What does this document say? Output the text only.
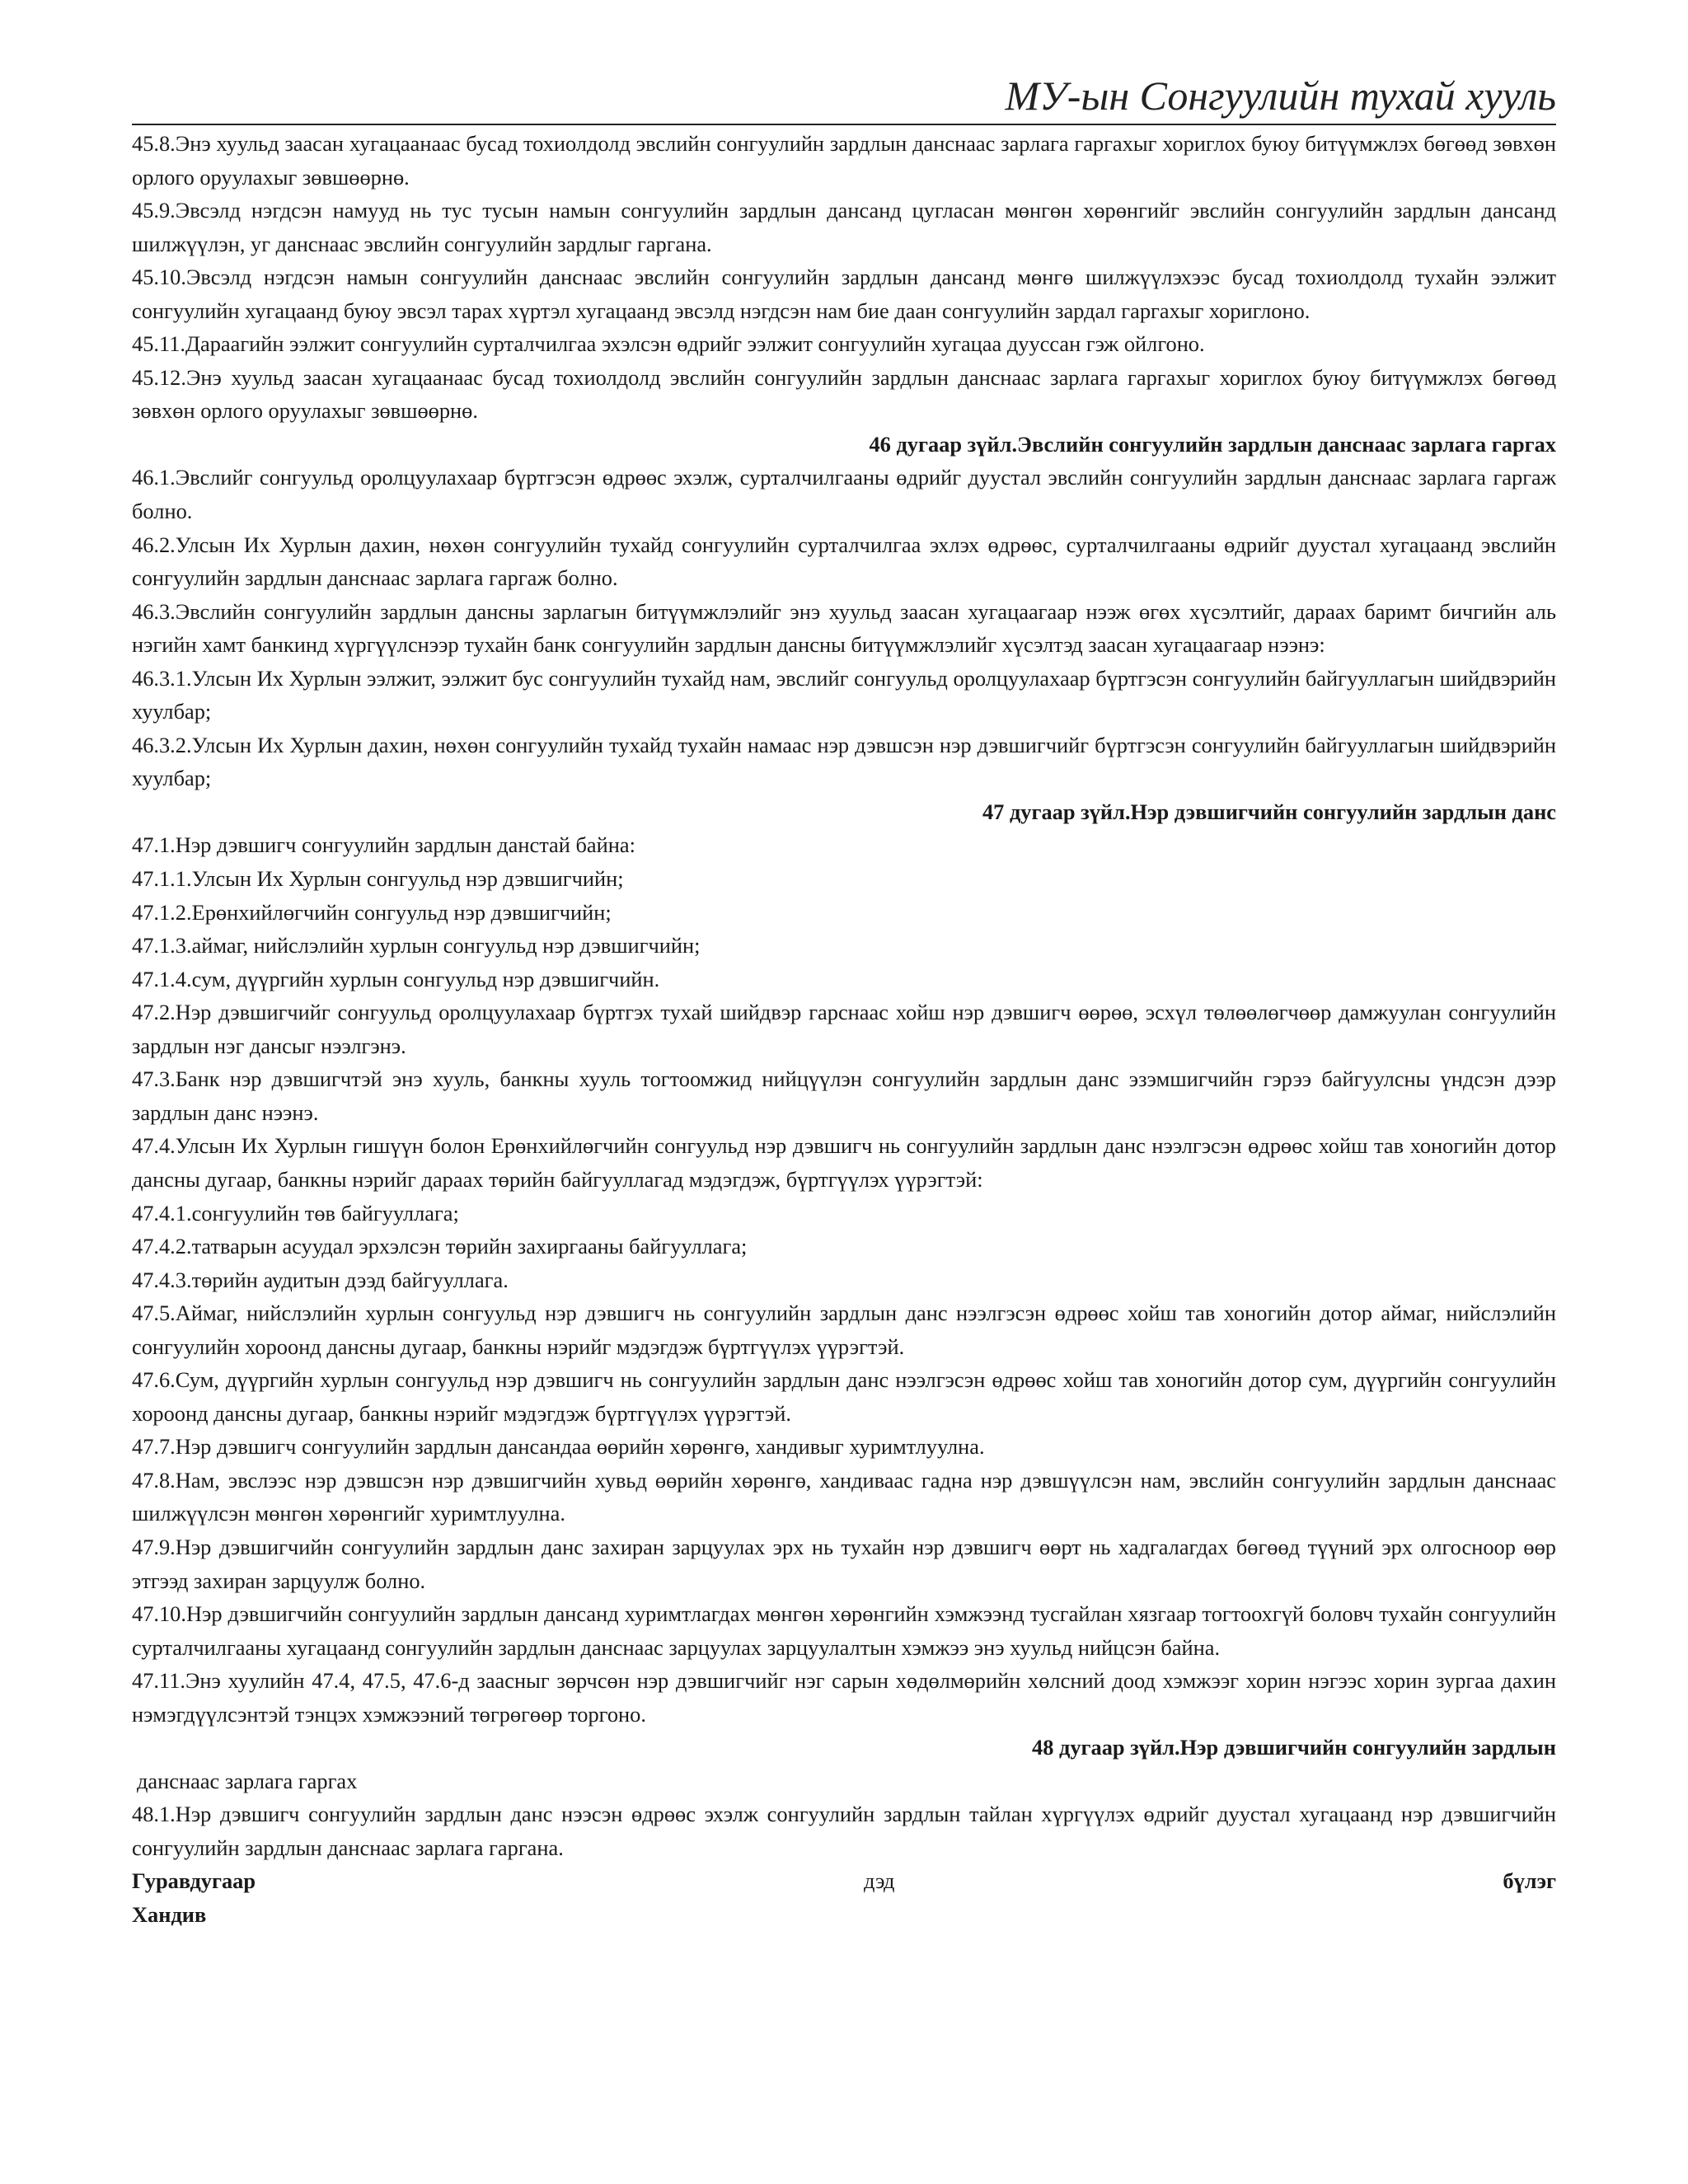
МУ-ын Сонгуулийн тухай хууль

45.8.Энэ хуульд заасан хугацаанаас бусад тохиолдолд эвслийн сонгуулийн зардлын данснаас зарлага гаргахыг хориглох буюу битүүмжлэх бөгөөд зөвхөн орлого оруулахыг зөвшөөрнө.

45.9.Эвсэлд нэгдсэн намууд нь тус тусын намын сонгуулийн зардлын дансанд цугласан мөнгөн хөрөнгийг эвслийн сонгуулийн зардлын дансанд шилжүүлэн, уг данснаас эвслийн сонгуулийн зардлыг гаргана.

45.10.Эвсэлд нэгдсэн намын сонгуулийн данснаас эвслийн сонгуулийн зардлын дансанд мөнгө шилжүүлэхээс бусад тохиолдолд тухайн ээлжит сонгуулийн хугацаанд буюу эвсэл тарах хүртэл хугацаанд эвсэлд нэгдсэн нам бие даан сонгуулийн зардал гаргахыг хориглоно.

45.11.Дараагийн ээлжит сонгуулийн сурталчилгаа эхэлсэн өдрийг ээлжит сонгуулийн хугацаа дууссан гэж ойлгоно.

45.12.Энэ хуульд заасан хугацаанаас бусад тохиолдолд эвслийн сонгуулийн зардлын данснаас зарлага гаргахыг хориглох буюу битүүмжлэх бөгөөд зөвхөн орлого оруулахыг зөвшөөрнө.

46 дугаар зүйл.Эвслийн сонгуулийн зардлын данснаас зарлага гаргах

46.1.Эвслийг сонгуульд оролцуулахаар бүртгэсэн өдрөөс эхэлж, сурталчилгааны өдрийг дуустал эвслийн сонгуулийн зардлын данснаас зарлага гаргаж болно.

46.2.Улсын Их Хурлын дахин, нөхөн сонгуулийн тухайд сонгуулийн сурталчилгаа эхлэх өдрөөс, сурталчилгааны өдрийг дуустал хугацаанд эвслийн сонгуулийн зардлын данснаас зарлага гаргаж болно.

46.3.Эвслийн сонгуулийн зардлын дансны зарлагын битүүмжлэлийг энэ хуульд заасан хугацаагаар нээж өгөх хүсэлтийг, дараах баримт бичгийн аль нэгийн хамт банкинд хүргүүлснээр тухайн банк сонгуулийн зардлын дансны битүүмжлэлийг хүсэлтэд заасан хугацаагаар нээнэ:

46.3.1.Улсын Их Хурлын ээлжит, ээлжит бус сонгуулийн тухайд нам, эвслийг сонгуульд оролцуулахаар бүртгэсэн сонгуулийн байгууллагын шийдвэрийн хуулбар;

46.3.2.Улсын Их Хурлын дахин, нөхөн сонгуулийн тухайд тухайн намаас нэр дэвшсэн нэр дэвшигчийг бүртгэсэн сонгуулийн байгууллагын шийдвэрийн хуулбар;

47 дугаар зүйл.Нэр дэвшигчийн сонгуулийн зардлын данс

47.1.Нэр дэвшигч сонгуулийн зардлын данстай байна:

47.1.1.Улсын Их Хурлын сонгуульд нэр дэвшигчийн;

47.1.2.Ерөнхийлөгчийн сонгуульд нэр дэвшигчийн;

47.1.3.аймаг, нийслэлийн хурлын сонгуульд нэр дэвшигчийн;

47.1.4.сум, дүүргийн хурлын сонгуульд нэр дэвшигчийн.

47.2.Нэр дэвшигчийг сонгуульд оролцуулахаар бүртгэх тухай шийдвэр гарснаас хойш нэр дэвшигч өөрөө, эсхүл төлөөлөгчөөр дамжуулан сонгуулийн зардлын нэг дансыг нээлгэнэ.

47.3.Банк нэр дэвшигчтэй энэ хууль, банкны хууль тогтоомжид нийцүүлэн сонгуулийн зардлын данс эзэмшигчийн гэрээ байгуулсны үндсэн дээр зардлын данс нээнэ.

47.4.Улсын Их Хурлын гишүүн болон Ерөнхийлөгчийн сонгуульд нэр дэвшигч нь сонгуулийн зардлын данс нээлгэсэн өдрөөс хойш тав хоногийн дотор дансны дугаар, банкны нэрийг дараах төрийн байгууллагад мэдэгдэж, бүртгүүлэх үүрэгтэй:

47.4.1.сонгуулийн төв байгууллага;

47.4.2.татварын асуудал эрхэлсэн төрийн захиргааны байгууллага;

47.4.3.төрийн аудитын дээд байгууллага.

47.5.Аймаг, нийслэлийн хурлын сонгуульд нэр дэвшигч нь сонгуулийн зардлын данс нээлгэсэн өдрөөс хойш тав хоногийн дотор аймаг, нийслэлийн сонгуулийн хороонд дансны дугаар, банкны нэрийг мэдэгдэж бүртгүүлэх үүрэгтэй.

47.6.Сум, дүүргийн хурлын сонгуульд нэр дэвшигч нь сонгуулийн зардлын данс нээлгэсэн өдрөөс хойш тав хоногийн дотор сум, дүүргийн сонгуулийн хороонд дансны дугаар, банкны нэрийг мэдэгдэж бүртгүүлэх үүрэгтэй.

47.7.Нэр дэвшигч сонгуулийн зардлын дансандаа өөрийн хөрөнгө, хандивыг хуримтлуулна.

47.8.Нам, эвслээс нэр дэвшсэн нэр дэвшигчийн хувьд өөрийн хөрөнгө, хандиваас гадна нэр дэвшүүлсэн нам, эвслийн сонгуулийн зардлын данснаас шилжүүлсэн мөнгөн хөрөнгийг хуримтлуулна.

47.9.Нэр дэвшигчийн сонгуулийн зардлын данс захиран зарцуулах эрх нь тухайн нэр дэвшигч өөрт нь хадгалагдах бөгөөд түүний эрх олгосноор өөр этгээд захиран зарцуулж болно.

47.10.Нэр дэвшигчийн сонгуулийн зардлын дансанд хуримтлагдах мөнгөн хөрөнгийн хэмжээнд тусгайлан хязгаар тогтоохгүй боловч тухайн сонгуулийн сурталчилгааны хугацаанд сонгуулийн зардлын данснаас зарцуулах зарцуулалтын хэмжээ энэ хуульд нийцсэн байна.

47.11.Энэ хуулийн 47.4, 47.5, 47.6-д заасныг зөрчсөн нэр дэвшигчийг нэг сарын хөдөлмөрийн хөлсний доод хэмжээг хорин нэгээс хорин зургаа дахин нэмэгдүүлсэнтэй тэнцэх хэмжээний төгрөгөөр торгоно.

48 дугаар зүйл.Нэр дэвшигчийн сонгуулийн зардлын

данснаас зарлага гаргах

48.1.Нэр дэвшигч сонгуулийн зардлын данс нээсэн өдрөөс эхэлж сонгуулийн зардлын тайлан хүргүүлэх өдрийг дуустал хугацаанд нэр дэвшигчийн сонгуулийн зардлын данснаас зарлага гаргана.

Гуравдугаар	дэд	бүлэг

Хандив
